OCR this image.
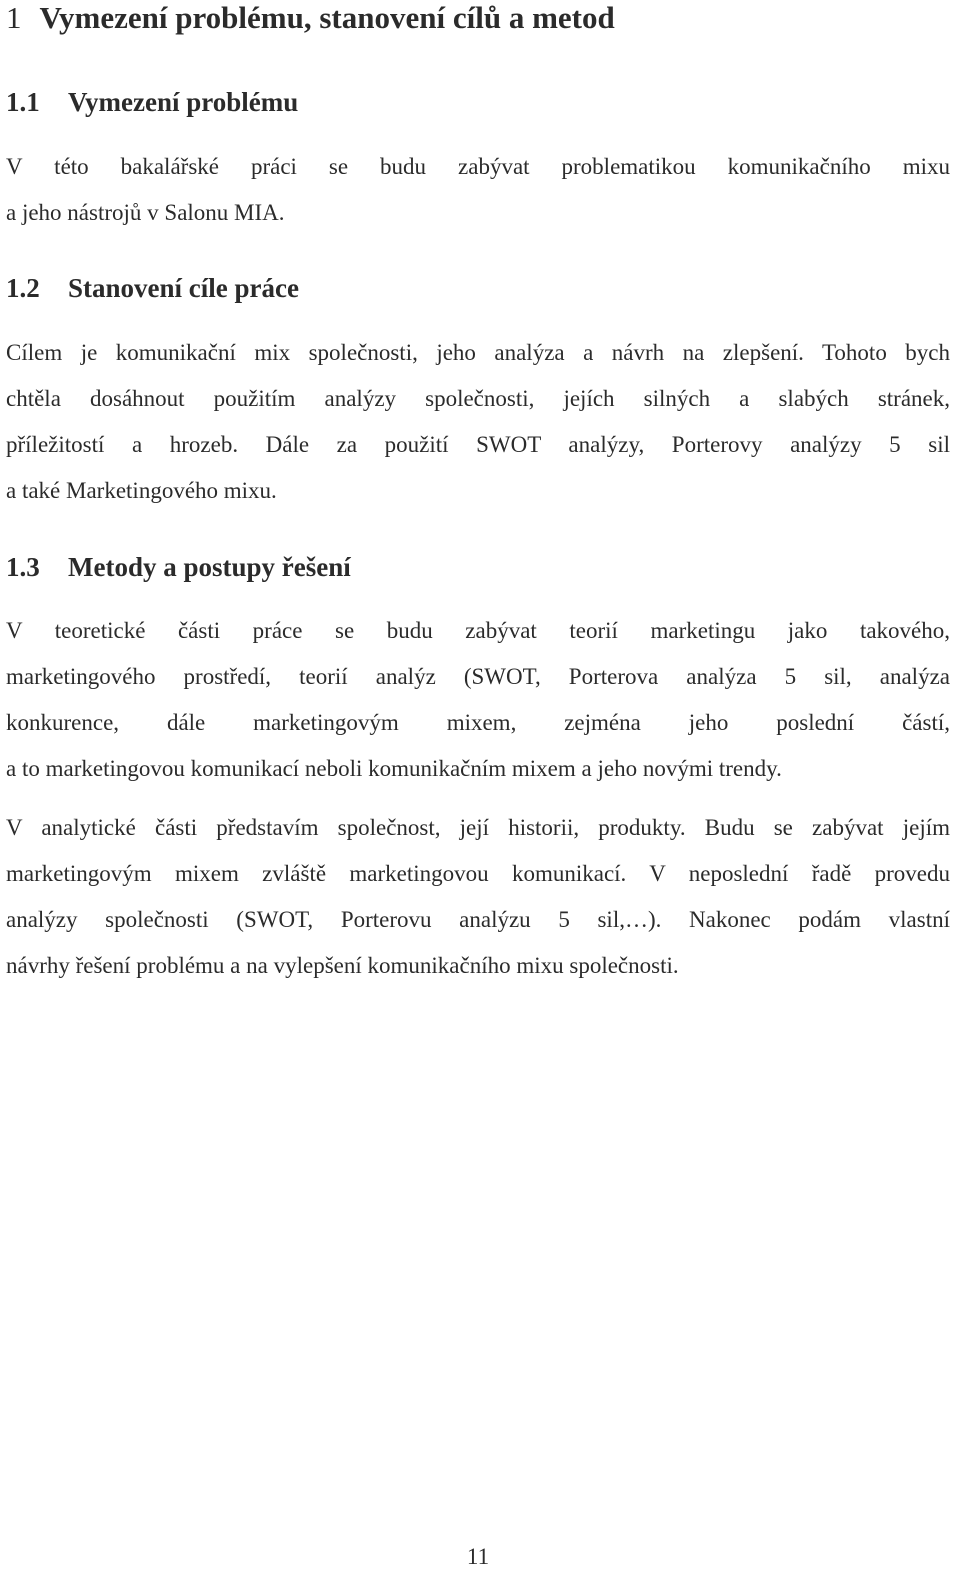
1 Vymezení problému, stanovení cílů a metod
1.1 Vymezení problému
V této bakalářské práci se budu zabývat problematikou komunikačního mixu
a jeho nástrojů v Salonu MIA.
1.2 Stanovení cíle práce
Cílem je komunikační mix společnosti, jeho analýza a návrh na zlepšení. Tohoto bych
chtěla dosáhnout použitím analýzy společnosti, jejích silných a slabých stránek,
příležitostí a hrozeb. Dále za použití SWOT analýzy, Porterovy analýzy 5 sil
a také Marketingového mixu.
1.3 Metody a postupy řešení
V teoretické části práce se budu zabývat teorií marketingu jako takového,
marketingového prostředí, teorií analýz (SWOT, Porterova analýza 5 sil, analýza
konkurence, dále marketingovým mixem, zejména jeho poslední částí,
a to marketingovou komunikací neboli komunikačním mixem a jeho novými trendy.
V analytické části představím společnost, její historii, produkty. Budu se zabývat jejím
marketingovým mixem zvláště marketingovou komunikací. V neposlední řadě provedu
analýzy společnosti (SWOT, Porterovu analýzu 5 sil,…). Nakonec podám vlastní
návrhy řešení problému a na vylepšení komunikačního mixu společnosti.
11
